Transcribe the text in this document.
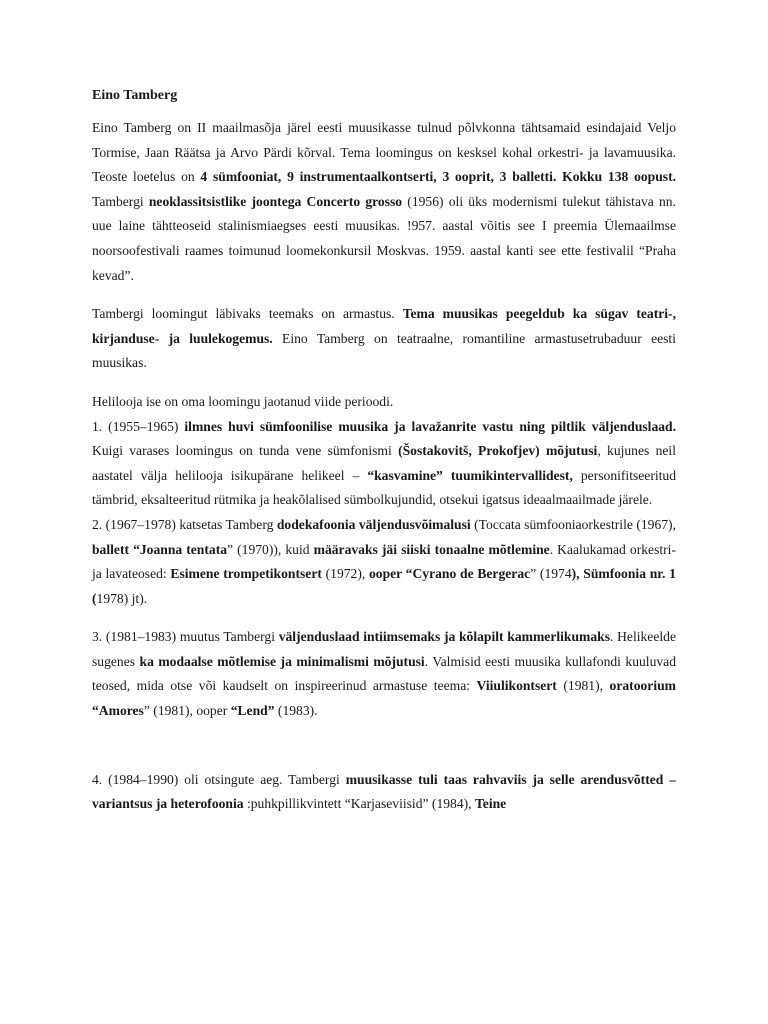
Eino Tamberg

Eino Tamberg on II maailmasõja järel eesti muusikasse tulnud põlvkonna tähtsamaid esindajaid Veljo Tormise, Jaan Räätsa ja Arvo Pärdi kõrval. Tema loomingus on kesksel kohal orkestri- ja lavamuusika. Teoste loetelus on 4 sümfooniat, 9 instrumentaalkontserti, 3 ooprit, 3 balletti. Kokku 138 oopust. Tambergi neoklassitsistlike joontega Concerto grosso (1956) oli üks modernismi tulekut tähistava nn. uue laine tähtteoseid stalinismiaegses eesti muusikas. !957. aastal võitis see I preemia Ülemaailmse noorsoofestivali raames toimunud loomekonkursil Moskvas. 1959. aastal kanti see ette festivalil “Praha kevad”.

Tambergi loomingut läbivaks teemaks on armastus. Tema muusikas peegeldub ka sügav teatri-, kirjanduse- ja luulekogemus. Eino Tamberg on teatraalne, romantiline armastusetrubaduur eesti muusikas.

Helilooja ise on oma loomingu jaotanud viide perioodi.

1. (1955–1965) ilmnes huvi sümfoonilise muusika ja lavažanrite vastu ning piltlik väljenduslaad. Kuigi varases loomingus on tunda vene sümfonismi (Šostakovitš, Prokofjev) mõjutusi, kujunes neil aastatel välja helilooja isikupärane helikeel – “kasvamine” tuumikintervallidest, personifitseeritud tämbrid, eksalteeritud rütmika ja heakõlalised sümbolkujundid, otsekui igatsus ideaalmaailmade järele.

2. (1967–1978) katsetas Tamberg dodekafoonia väljendusvõimalusi (Toccata sümfooniaorkestrile (1967), ballett “Joanna tentata” (1970)), kuid määravaks jäi siiski tonaalne mõtlemine. Kaalukamad orkestri- ja lavateosed: Esimene trompetikontsert (1972), ooper “Cyrano de Bergerac” (1974), Sümfoonia nr. 1 (1978) jt).

3. (1981–1983) muutus Tambergi väljenduslaad intiimsemaks ja kõlapilt kammerlikumaks. Helikeelde sugenes ka modaalse mõtlemise ja minimalismi mõjutusi. Valmisid eesti muusika kullafondi kuuluvad teosed, mida otse või kaudselt on inspireerinud armastuse teema: Viiulikontsert (1981), oratoorium “Amores” (1981), ooper “Lend” (1983).

4. (1984–1990) oli otsingute aeg. Tambergi muusikasse tuli taas rahvaviis ja selle arendusvõtted – variantsus ja heterofoonia :puhkpillikvintett “Karjaseviisid” (1984), Teine
